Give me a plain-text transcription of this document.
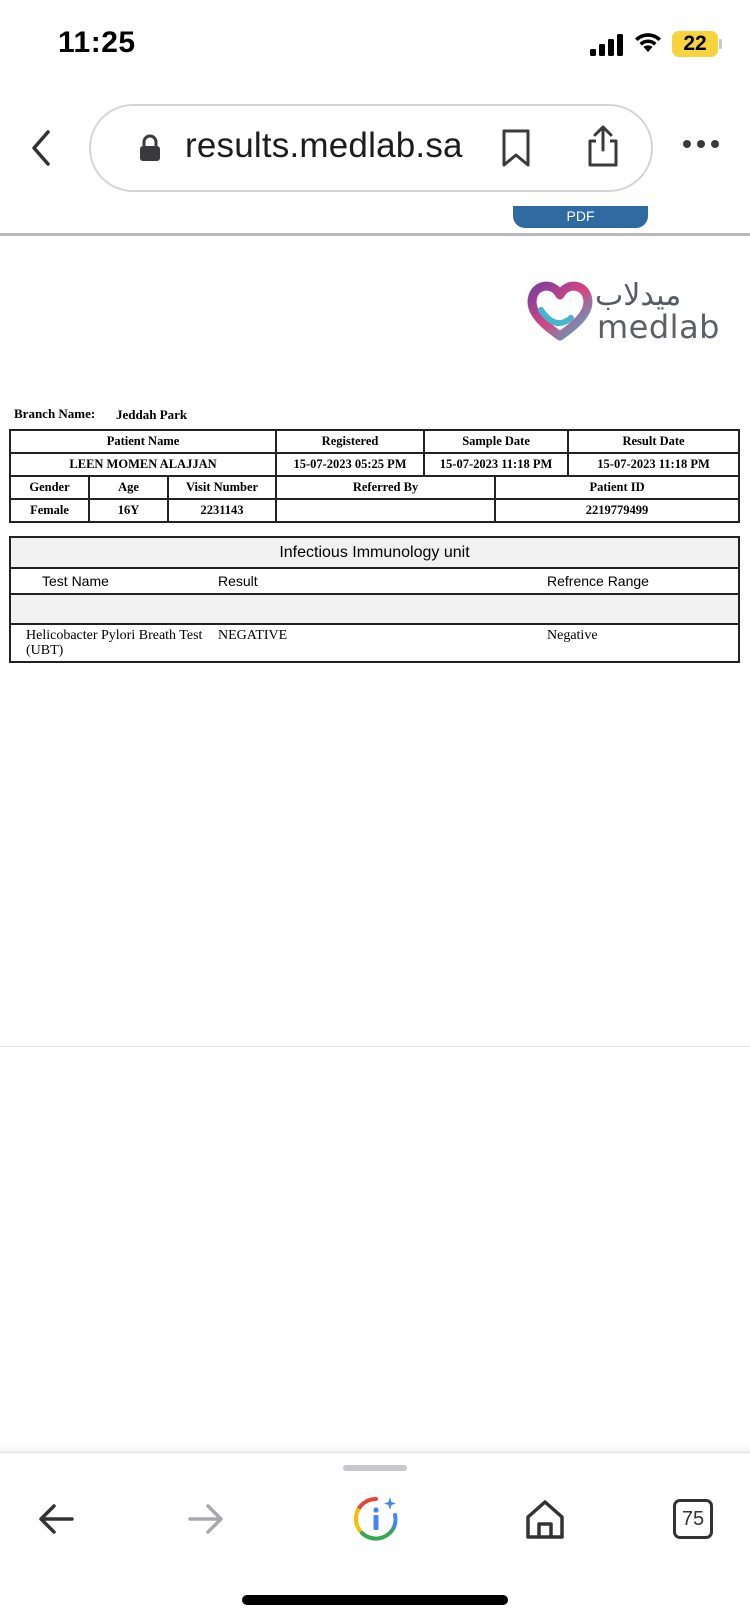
11:25	22
results.medlab.sa
PDF
ميدلاب
medlab
Branch Name: Jeddah Park
Patient Name			Registered	Sample Date		Result Date
LEEN MOMEN ALAJJAN			15-07-2023 05:25 PM	15-07-2023 11:18 PM		15-07-2023 11:18 PM
Gender	Age	Visit Number	Referred By		Patient ID	
Female	16Y	2231143			2219779499	
Infectious Immunology unit		
Test Name	Result	Refrence Range

Helicobacter Pylori Breath Test (UBT)	NEGATIVE	Negative
75
